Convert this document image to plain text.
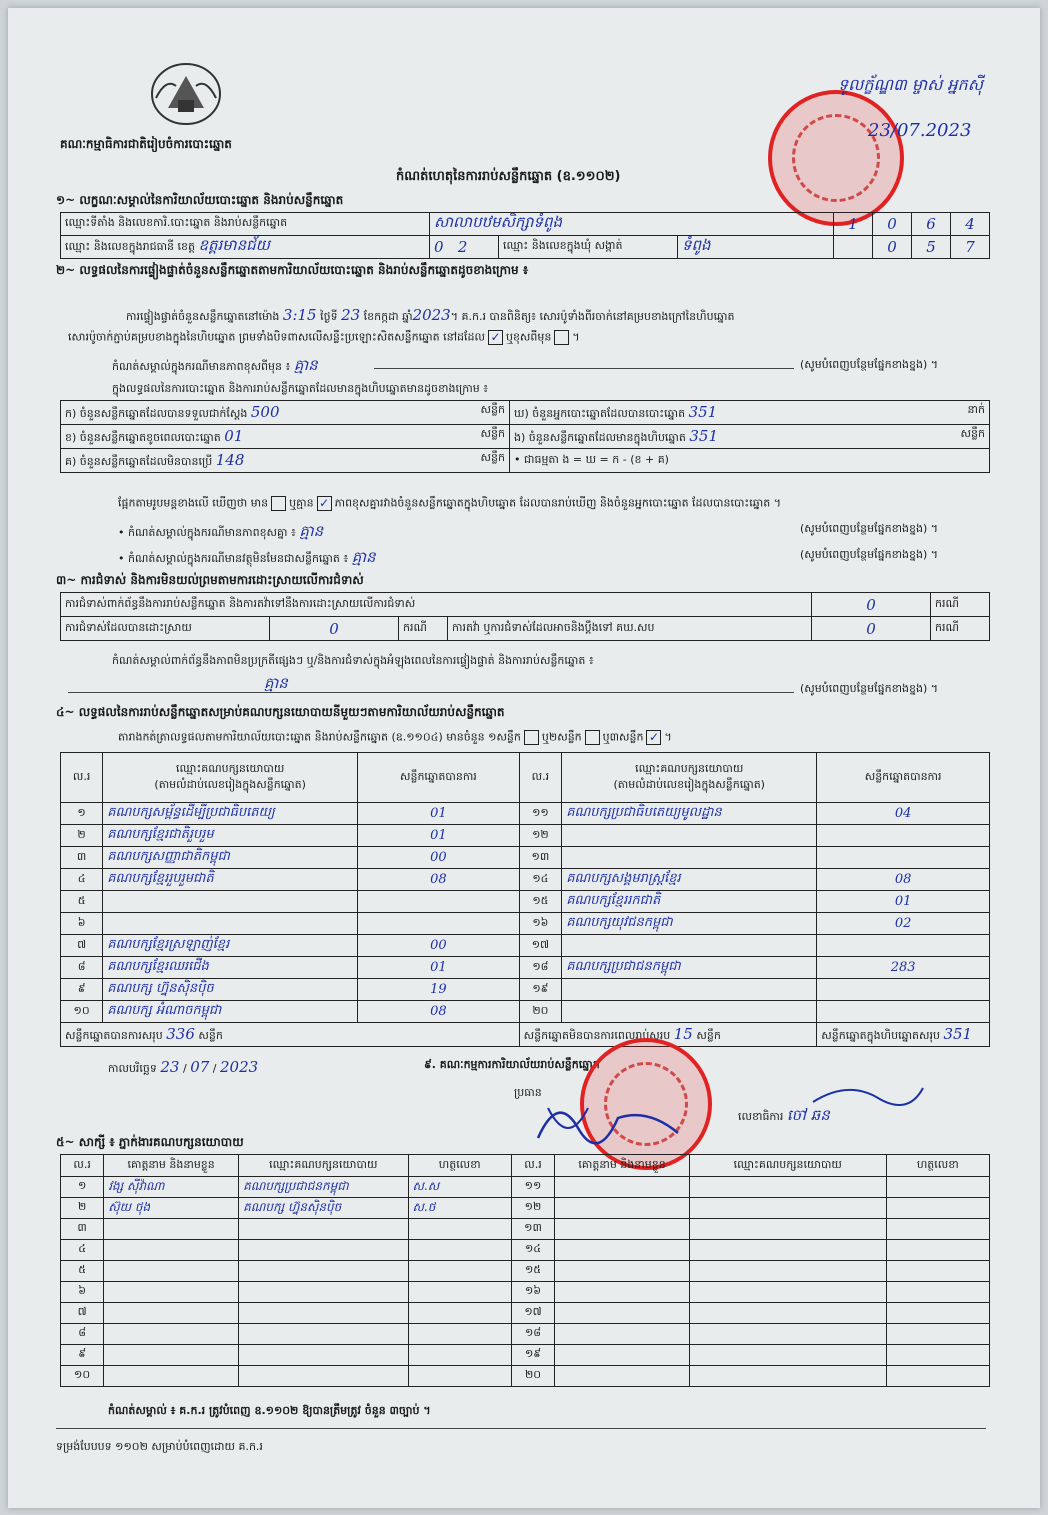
គណៈកម្មាធិការជាតិរៀបចំការបោះឆ្នោត
កំណត់ហេតុនៃការរាប់សន្លឹកឆ្នោត (ឧ.១១០២)
ទូលក្ខ័ណ្ឌ៣ ម្ចាស់ អ្នកស៊ី
23/07.2023
១~ លក្ខណៈសម្គាល់នៃការិយាល័យបោះឆ្នោត និងរាប់សន្លឹកឆ្នោត
ឈ្មោះទីតាំង និងលេខការិ.បោះឆ្នោត និងរាប់សន្លឹកឆ្នោត	សាលាបឋមសិក្សាទំពូង			1	0	6	4
ឈ្មោះ និងលេខក្នុងរាជធានី ខេត្ត ឧត្តរមានជ័យ	0 2	ឈ្មោះ និងលេខក្នុងឃុំ សង្កាត់	ទំពូង		0	5	7
២~ លទ្ធផលនៃការផ្ទៀងផ្ទាត់ចំនួនសន្លឹកឆ្នោតតាមការិយាល័យបោះឆ្នោត និងរាប់សន្លឹកឆ្នោតដូចខាងក្រោម ៖
ការផ្ទៀងផ្ទាត់ចំនួនសន្លឹកឆ្នោតនៅម៉ោង 3:15 ថ្ងៃទី 23 ខែកក្កដា ឆ្នាំ2023។ គ.ក.រ បានពិនិត្យ៖ សោរប៉ូទាំងពីរចាក់នៅគម្របខាងក្រៅនៃហិបឆ្នោត
សោរប៉ូចាក់ភ្ជាប់គម្របខាងក្នុងនៃហិបឆ្នោត ព្រមទាំងបិទពាសលើសន្លឹះប្រឡោះសិតសន្លឹកឆ្នោត នៅដដែល ✓ ឬខុសពីមុន ។
កំណត់សម្គាល់ក្នុងករណីមានភាពខុសពីមុន ៖ គ្មាន	(សូមបំពេញបន្ថែមផ្នែកខាងខ្នង) ។
ក្នុងលទ្ធផលនៃការបោះឆ្នោត និងការរាប់សន្លឹកឆ្នោតដែលមានក្នុងហិបឆ្នោតមានដូចខាងក្រោម ៖
ក) ចំនួនសន្លឹកឆ្នោតដែលបានទទួលជាក់ស្តែង 500 សន្លឹក	ឃ) ចំនួនអ្នកបោះឆ្នោតដែលបានបោះឆ្នោត 351 នាក់

ខ) ចំនួនសន្លឹកឆ្នោតខូចពេលបោះឆ្នោត 01 សន្លឹក	ង) ចំនួនសន្លឹកឆ្នោតដែលមានក្នុងហិបឆ្នោត 351 សន្លឹក

គ) ចំនួនសន្លឹកឆ្នោតដែលមិនបានប្រើ 148 សន្លឹក	• ជាធម្មតា ង = ឃ = ក - (ខ + គ)
ផ្អែកតាមរូបមន្តខាងលើ ឃើញថា មាន ឬគ្មាន ✓ ភាពខុសគ្នារវាងចំនួនសន្លឹកឆ្នោតក្នុងហិបឆ្នោត ដែលបានរាប់ឃើញ និងចំនួនអ្នកបោះឆ្នោត ដែលបានបោះឆ្នោត ។
• កំណត់សម្គាល់ក្នុងករណីមានភាពខុសគ្នា ៖ គ្មាន	(សូមបំពេញបន្ថែមផ្នែកខាងខ្នង) ។
• កំណត់សម្គាល់ក្នុងករណីមានវត្ថុមិនមែនជាសន្លឹកឆ្នោត ៖ គ្មាន	(សូមបំពេញបន្ថែមផ្នែកខាងខ្នង) ។
៣~ ការជំទាស់ និងការមិនយល់ព្រមតាមការដោះស្រាយលើការជំទាស់
ការជំទាស់ពាក់ព័ន្ធនឹងការរាប់សន្លឹកឆ្នោត និងការតវ៉ាទៅនឹងការដោះស្រាយលើការជំទាស់				0	ករណី
ការជំទាស់ដែលបានដោះស្រាយ	0	ករណី	ការតវ៉ា ឬការជំទាស់ដែលអាចនិងប្តឹងទៅ គឃ.សប	0	ករណី
កំណត់សម្គាល់ពាក់ព័ន្ធនឹងភាពមិនប្រក្រតីផ្សេងៗ ឬ/និងការជំទាស់ក្នុងអំឡុងពេលនៃការផ្ទៀងផ្ទាត់ និងការរាប់សន្លឹកឆ្នោត ៖
គ្មាន	(សូមបំពេញបន្ថែមផ្នែកខាងខ្នង) ។
៤~ លទ្ធផលនៃការរាប់សន្លឹកឆ្នោតសម្រាប់គណបក្សនយោបាយនីមួយៗតាមការិយាល័យរាប់សន្លឹកឆ្នោត
តារាងកត់ត្រាលទ្ធផលតាមការិយាល័យបោះឆ្នោត និងរាប់សន្លឹកឆ្នោត (ឧ.១១០៤) មានចំនួន ១សន្លឹក ឬ២សន្លឹក ឬ៣សន្លឹក ✓ ។
ល.រ	ឈ្មោះគណបក្សនយោបាយ
(តាមលំដាប់លេខរៀងក្នុងសន្លឹកឆ្នោត)	សន្លឹកឆ្នោតបានការ	ល.រ	ឈ្មោះគណបក្សនយោបាយ
(តាមលំដាប់លេខរៀងក្នុងសន្លឹកឆ្នោត)	សន្លឹកឆ្នោតបានការ
១	គណបក្សសម្ព័ន្ធដើម្បីប្រជាធិបតេយ្យ	01	១១	គណបក្សប្រជាធិបតេយ្យមូលដ្ឋាន	04
២	គណបក្សខ្មែរជាតិរួបរួម	01	១២		
៣	គណបក្សសញ្ញាជាតិកម្ពុជា	00	១៣		
៤	គណបក្សខ្មែររួបរួមជាតិ	08	១៤	គណបក្សសង្គមរាស្ត្រខ្មែរ	08
៥			១៥	គណបក្សខ្មែររកជាតិ	01
៦			១៦	គណបក្សយុវជនកម្ពុជា	02
៧	គណបក្សខ្មែរស្រឡាញ់ខ្មែរ	00	១៧		
៨	គណបក្សខ្មែរឈរជើង	01	១៨	គណបក្សប្រជាជនកម្ពុជា	283
៩	គណបក្ស ហ្វ៊ុនស៊ិនប៉ិច	19	១៩		
១០	គណបក្ស អំណាចកម្ពុជា	08	២០		
សន្លឹកឆ្នោតបានការសរុប 336 សន្លឹក			សន្លឹកឆ្នោតមិនបានការពេលរាប់សរុប 15 សន្លឹក		សន្លឹកឆ្នោតក្នុងហិបឆ្នោតសរុប 351
កាលបរិច្ឆេទ 23 / 07 / 2023	៩. គណៈកម្មការការិយាល័យរាប់សន្លឹកឆ្នោត
ប្រធាន
លេខាធិការ ចៅ ឆន
៥~ សាក្សី ៖ ភ្នាក់ងារគណបក្សនយោបាយ
ល.រ	គោត្តនាម និងនាមខ្លួន	ឈ្មោះគណបក្សនយោបាយ	ហត្ថលេខា	ល.រ	គោត្តនាម និងនាមខ្លួន	ឈ្មោះគណបក្សនយោបាយ	ហត្ថលេខា
១	វង្ស ស៊ីវ៉ាណា	គណបក្សប្រជាជនកម្ពុជា	ស.ស	១១			
២	ស៊ុយ ថុង	គណបក្ស ហ្វ៊ុនស៊ិនប៉ិច	ស.ថ	១២			
៣				១៣			
៤				១៤			
៥				១៥			
៦				១៦			
៧				១៧			
៨				១៨			
៩				១៩			
១០				២០			
កំណត់សម្គាល់ ៖ គ.ក.រ ត្រូវបំពេញ ឧ.១១០២ ឱ្យបានត្រឹមត្រូវ ចំនួន ៣ច្បាប់ ។
ទម្រង់បែបបទ ១១០២ សម្រាប់បំពេញដោយ គ.ក.រ
